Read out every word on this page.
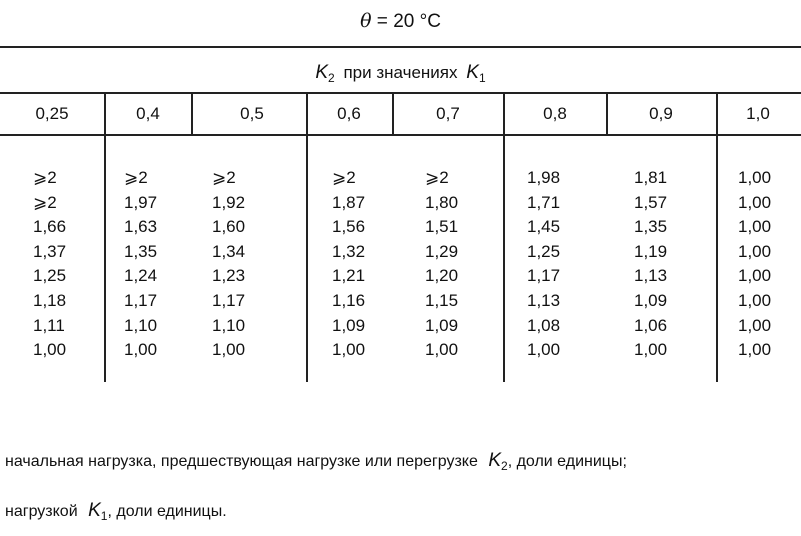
θ = 20 °C
$K_2$ при значениях $K_1$
0,25	0,4	0,5	0,6	0,7	0,8	0,9	1,0
⩾2	⩾2	⩾2	⩾2	⩾2	1,98	1,81	1,00
⩾2	1,97	1,92	1,87	1,80	1,71	1,57	1,00
1,66	1,63	1,60	1,56	1,51	1,45	1,35	1,00
1,37	1,35	1,34	1,32	1,29	1,25	1,19	1,00
1,25	1,24	1,23	1,21	1,20	1,17	1,13	1,00
1,18	1,17	1,17	1,16	1,15	1,13	1,09	1,00
1,11	1,10	1,10	1,09	1,09	1,08	1,06	1,00
1,00	1,00	1,00	1,00	1,00	1,00	1,00	1,00
начальная нагрузка, предшествующая нагрузке или перегрузке $K_2$, доли единицы;
нагрузкой $K_1$, доли единицы.
